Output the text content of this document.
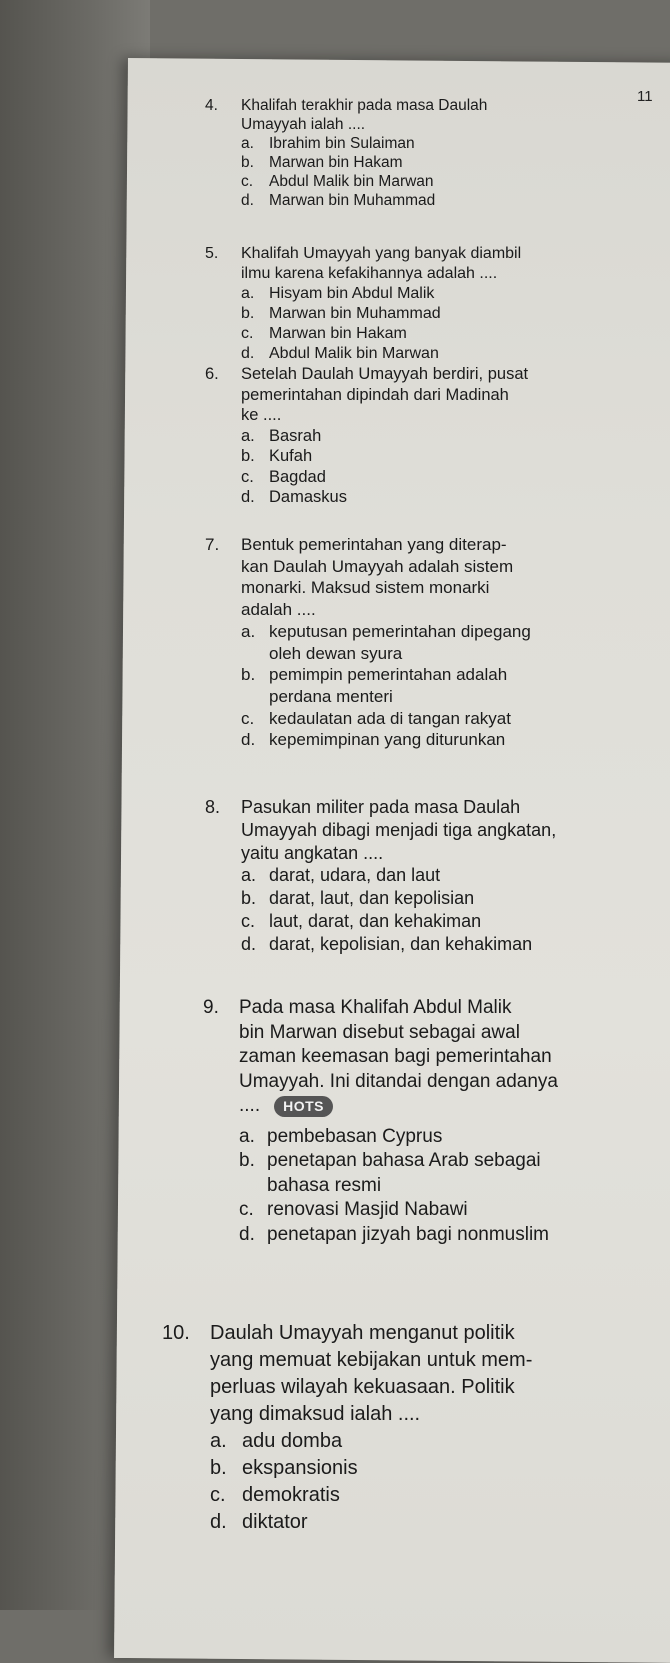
11
4. Khalifah terakhir pada masa Daulah
Umayyah ialah ....
a. Ibrahim bin Sulaiman
b. Marwan bin Hakam
c.	Abdul Malik bin Marwan
d. Marwan bin Muhammad
5. Khalifah Umayyah yang banyak diambil
ilmu karena kefakihannya adalah ....
a. Hisyam bin Abdul Malik
b. Marwan bin Muhammad
c. Marwan bin Hakam
d. Abdul Malik bin Marwan
6. Setelah Daulah Umayyah berdiri, pusat
pemerintahan dipindah dari Madinah
ke ....
a. Basrah
b. Kufah
c. Bagdad
d. Damaskus
7. Bentuk pemerintahan yang diterap-
kan Daulah Umayyah adalah sistem
monarki. Maksud sistem monarki
adalah ....
a. keputusan pemerintahan dipegang
oleh dewan syura
b. pemimpin pemerintahan adalah
perdana menteri
c. kedaulatan ada di tangan rakyat
d. kepemimpinan yang diturunkan
8. Pasukan militer pada masa Daulah
Umayyah dibagi menjadi tiga angkatan,
yaitu angkatan ....
a. darat, udara, dan laut
b. darat, laut, dan kepolisian
c. laut, darat, dan kehakiman
d. darat, kepolisian, dan kehakiman
9. Pada masa Khalifah Abdul Malik
bin Marwan disebut sebagai awal
zaman keemasan bagi pemerintahan
Umayyah. Ini ditandai dengan adanya
....	HOTS
a. pembebasan Cyprus
b. penetapan bahasa Arab sebagai
bahasa resmi
c. renovasi Masjid Nabawi
d. penetapan jizyah bagi nonmuslim
10. Daulah Umayyah menganut politik
yang memuat kebijakan untuk mem-
perluas wilayah kekuasaan. Politik
yang dimaksud ialah ....
a. adu domba
b. ekspansionis
c. demokratis
d. diktator
